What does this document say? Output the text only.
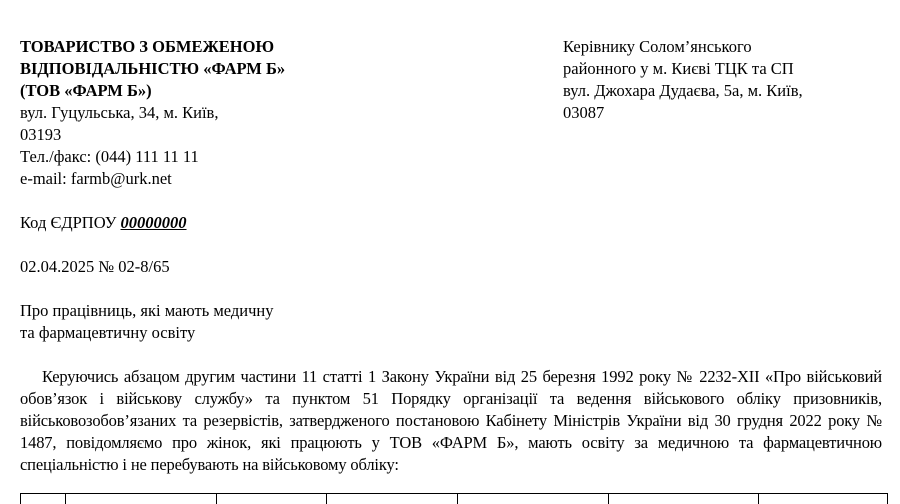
ТОВАРИСТВО З ОБМЕЖЕНОЮ
ВІДПОВІДАЛЬНІСТЮ «ФАРМ Б»
(ТОВ «ФАРМ Б»)
вул. Гуцульська, 34, м. Київ,
03193
Тел./факс: (044) 111 11 11
e-mail: farmb@urk.net
Керівнику Солом’янського
районного у м. Києві ТЦК та СП
вул. Джохара Дудаєва, 5а, м. Київ,
03087
Код ЄДРПОУ 00000000
02.04.2025 № 02-8/65
Про працівниць, які мають медичну
та фармацевтичну освіту
Керуючись абзацом другим частини 11 статті 1 Закону України від 25 березня 1992 року № 2232-XII «Про військовий обов’язок і військову службу» та пунктом 51 Порядку організації та ведення військового обліку призовників, військовозобов’язаних та резервістів, затвердженого постановою Кабінету Міністрів України від 30 грудня 2022 року № 1487, повідомляємо про жінок, які працюють у ТОВ «ФАРМ Б», мають освіту за медичною та фармацевтичною спеціальністю і не перебувають на військовому обліку:
